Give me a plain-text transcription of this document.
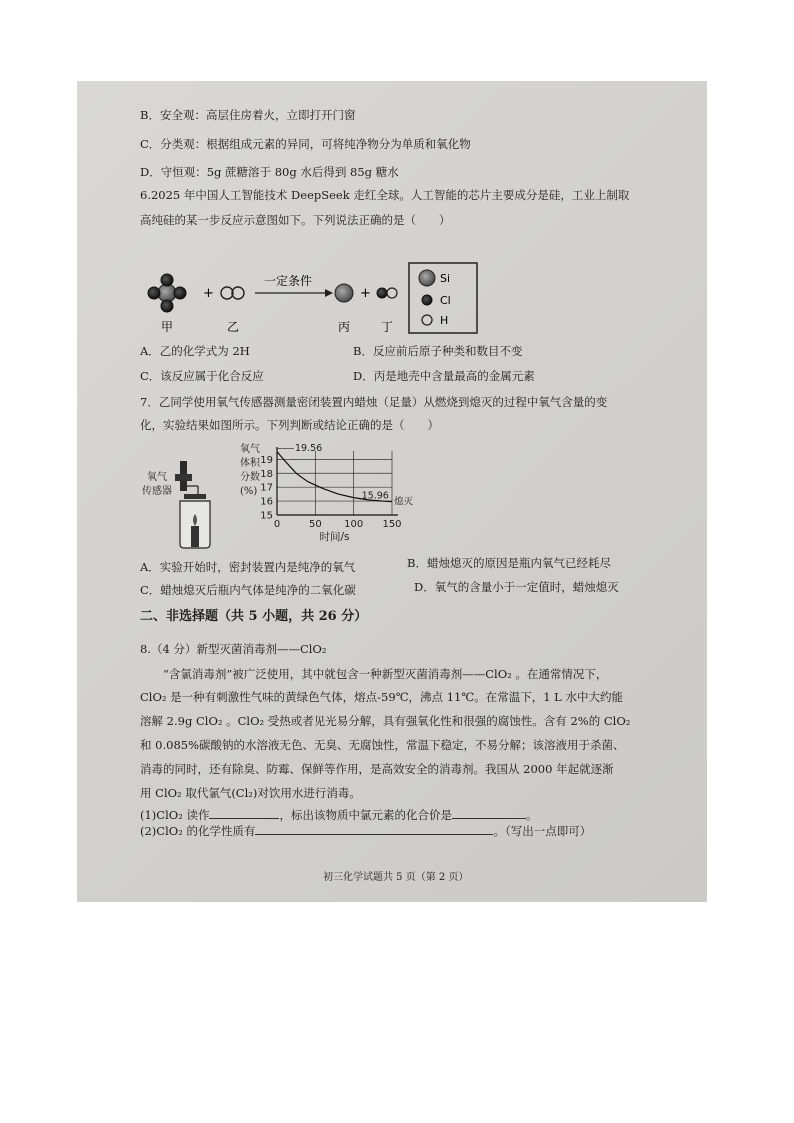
B．安全观：高层住房着火，立即打开门窗
C．分类观：根据组成元素的异同，可将纯净物分为单质和氧化物
D．守恒观：5g 蔗糖溶于 80g 水后得到 85g 糖水
6.2025 年中国人工智能技术 DeepSeek 走红全球。人工智能的芯片主要成分是硅，工业上制取
高纯硅的某一步反应示意图如下。下列说法正确的是（　　）
+
一定条件
+
甲	乙	丙	丁
Si
Cl
H
A．乙的化学式为 2H	B．反应前后原子种类和数目不变
C．该反应属于化合反应	D．丙是地壳中含量最高的金属元素
7．乙同学使用氧气传感器测量密闭装置内蜡烛（足量）从燃烧到熄灭的过程中氧气含量的变
化，实验结果如图所示。下列判断或结论正确的是（　　）
氧气
传感器
氧气
体积
分数
(%)
15
16
17
18
19
0	50 100 150
19.56
15.96
熄灭
时间/s
A．实验开始时，密封装置内是纯净的氧气	B．蜡烛熄灭的原因是瓶内氧气已经耗尽
C．蜡烛熄灭后瓶内气体是纯净的二氧化碳	D．氧气的含量小于一定值时，蜡烛熄灭
二、非选择题（共 5 小题，共 26 分）
8.（4 分）新型灭菌消毒剂——ClO₂
“含氯消毒剂”被广泛使用，其中就包含一种新型灭菌消毒剂——ClO₂ 。在通常情况下，
ClO₂ 是一种有刺激性气味的黄绿色气体，熔点-59℃，沸点 11℃。在常温下，1 L 水中大约能
溶解 2.9g ClO₂ 。ClO₂ 受热或者见光易分解，具有强氧化性和很强的腐蚀性。含有 2%的 ClO₂
和 0.085%碳酸钠的水溶液无色、无臭、无腐蚀性，常温下稳定，不易分解；该溶液用于杀菌、
消毒的同时，还有除臭、防霉、保鲜等作用，是高效安全的消毒剂。我国从 2000 年起就逐渐
用 ClO₂ 取代氯气(Cl₂)对饮用水进行消毒。
(1)ClO₂ 读作	，标出该物质中氯元素的化合价是	。
(2)ClO₂ 的化学性质有	。（写出一点即可）
初三化学试题共 5 页（第 2 页）
